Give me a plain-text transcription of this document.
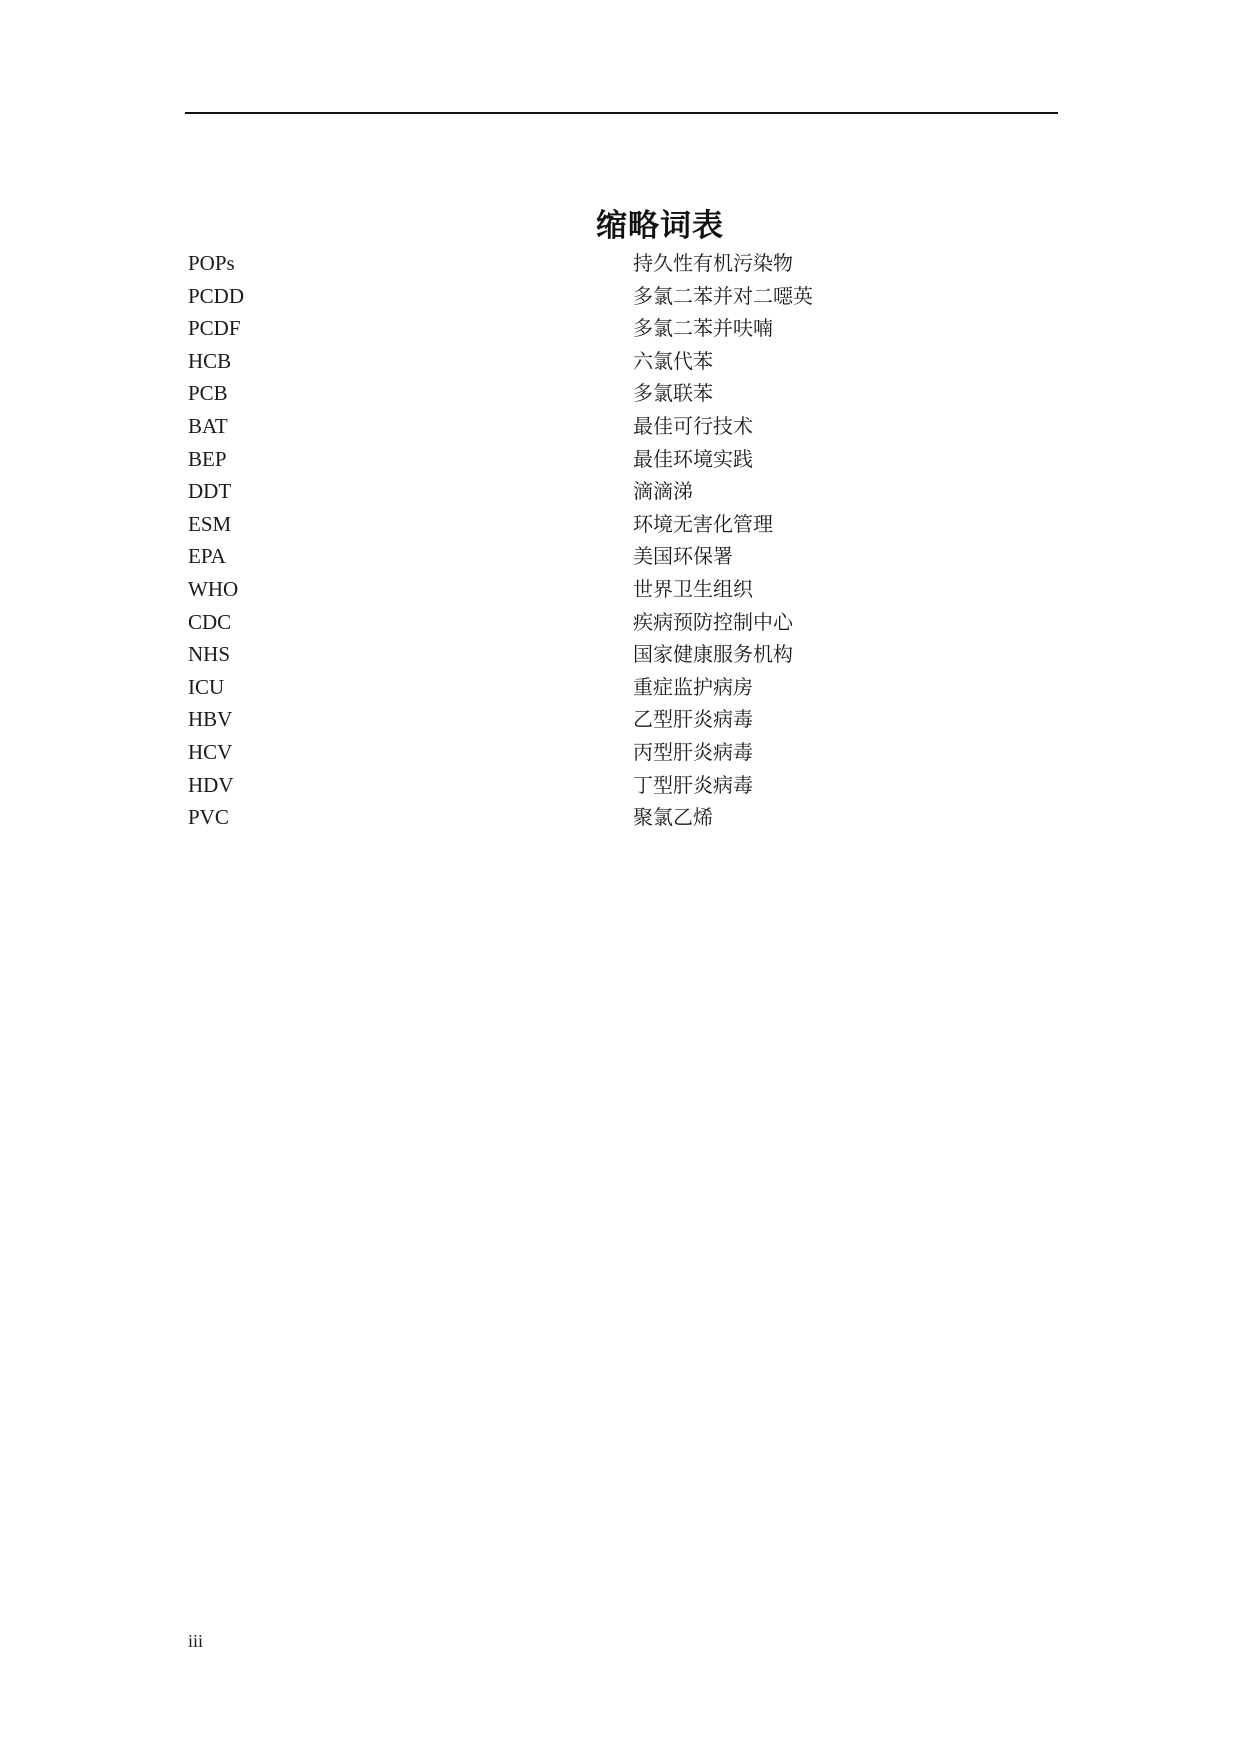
缩略词表
POPs	持久性有机污染物
PCDD	多氯二苯并对二噁英
PCDF	多氯二苯并呋喃
HCB	六氯代苯
PCB	多氯联苯
BAT	最佳可行技术
BEP	最佳环境实践
DDT	滴滴涕
ESM	环境无害化管理
EPA	美国环保署
WHO	世界卫生组织
CDC	疾病预防控制中心
NHS	国家健康服务机构
ICU	重症监护病房
HBV	乙型肝炎病毒
HCV	丙型肝炎病毒
HDV	丁型肝炎病毒
PVC	聚氯乙烯
iii
